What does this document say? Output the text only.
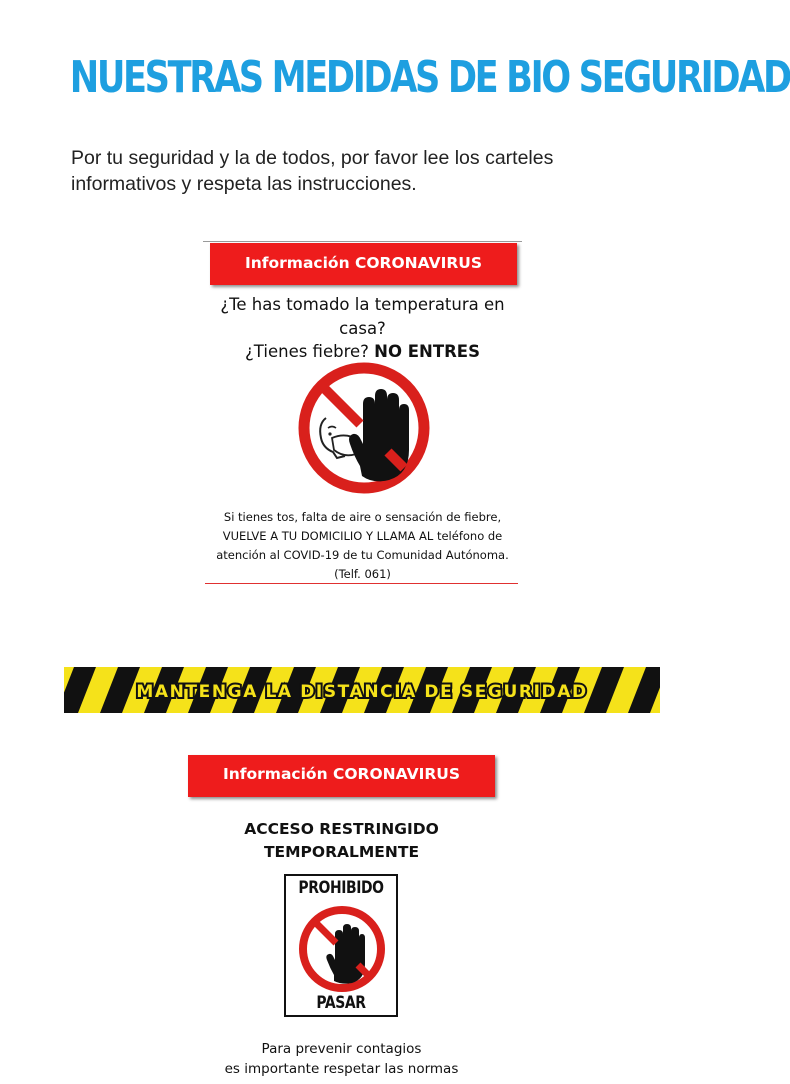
NUESTRAS MEDIDAS DE BIO SEGURIDAD
Por tu seguridad y la de todos, por favor lee los carteles informativos y respeta las instrucciones.
Información CORONAVIRUS
¿Te has tomado la temperatura en casa?
¿Tienes fiebre? NO ENTRES
Si tienes tos, falta de aire o sensación de fiebre, VUELVE A TU DOMICILIO Y LLAMA AL teléfono de atención al COVID-19 de tu Comunidad Autónoma. (Telf. 061)
MANTENGA LA DISTANCIA DE SEGURIDAD
Información CORONAVIRUS
ACCESO RESTRINGIDO
TEMPORALMENTE
PROHIBIDO
PASAR
Para prevenir contagios
es importante respetar las normas
